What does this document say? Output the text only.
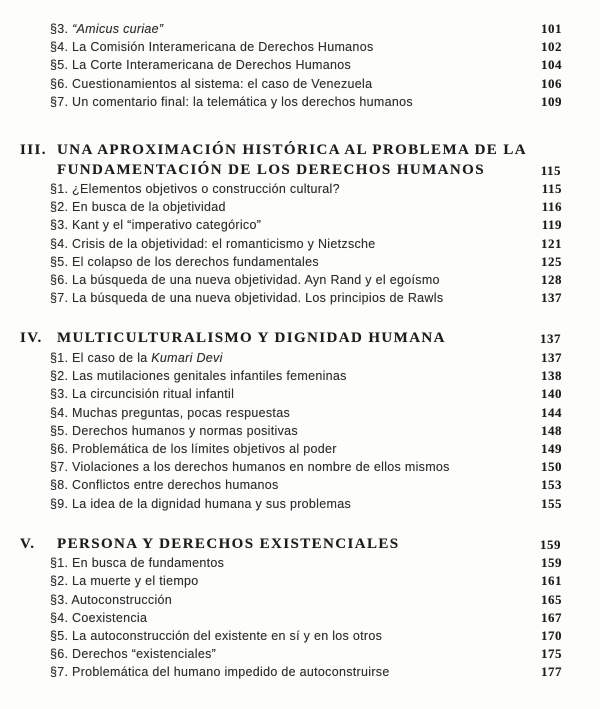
§3. “Amicus curiae”	101
§4. La Comisión Interamericana de Derechos Humanos	102
§5. La Corte Interamericana de Derechos Humanos	104
§6. Cuestionamientos al sistema: el caso de Venezuela	106
§7. Un comentario final: la telemática y los derechos humanos	109
III. UNA APROXIMACIÓN HISTÓRICA AL PROBLEMA DE LA FUNDAMENTACIÓN DE LOS DERECHOS HUMANOS	115
§1. ¿Elementos objetivos o construcción cultural?	115
§2. En busca de la objetividad	116
§3. Kant y el “imperativo categórico”	119
§4. Crisis de la objetividad: el romanticismo y Nietzsche	121
§5. El colapso de los derechos fundamentales	125
§6. La búsqueda de una nueva objetividad. Ayn Rand y el egoísmo	128
§7. La búsqueda de una nueva objetividad. Los principios de Rawls	137
IV. MULTICULTURALISMO Y DIGNIDAD HUMANA	137
§1. El caso de la Kumari Devi	137
§2. Las mutilaciones genitales infantiles femeninas	138
§3. La circuncisión ritual infantil	140
§4. Muchas preguntas, pocas respuestas	144
§5. Derechos humanos y normas positivas	148
§6. Problemática de los límites objetivos al poder	149
§7. Violaciones a los derechos humanos en nombre de ellos mismos	150
§8. Conflictos entre derechos humanos	153
§9. La idea de la dignidad humana y sus problemas	155
V.	PERSONA Y DERECHOS EXISTENCIALES	159
§1. En busca de fundamentos	159
§2. La muerte y el tiempo	161
§3. Autoconstrucción	165
§4. Coexistencia	167
§5. La autoconstrucción del existente en sí y en los otros	170
§6. Derechos “existenciales”	175
§7. Problemática del humano impedido de autoconstruirse	177
